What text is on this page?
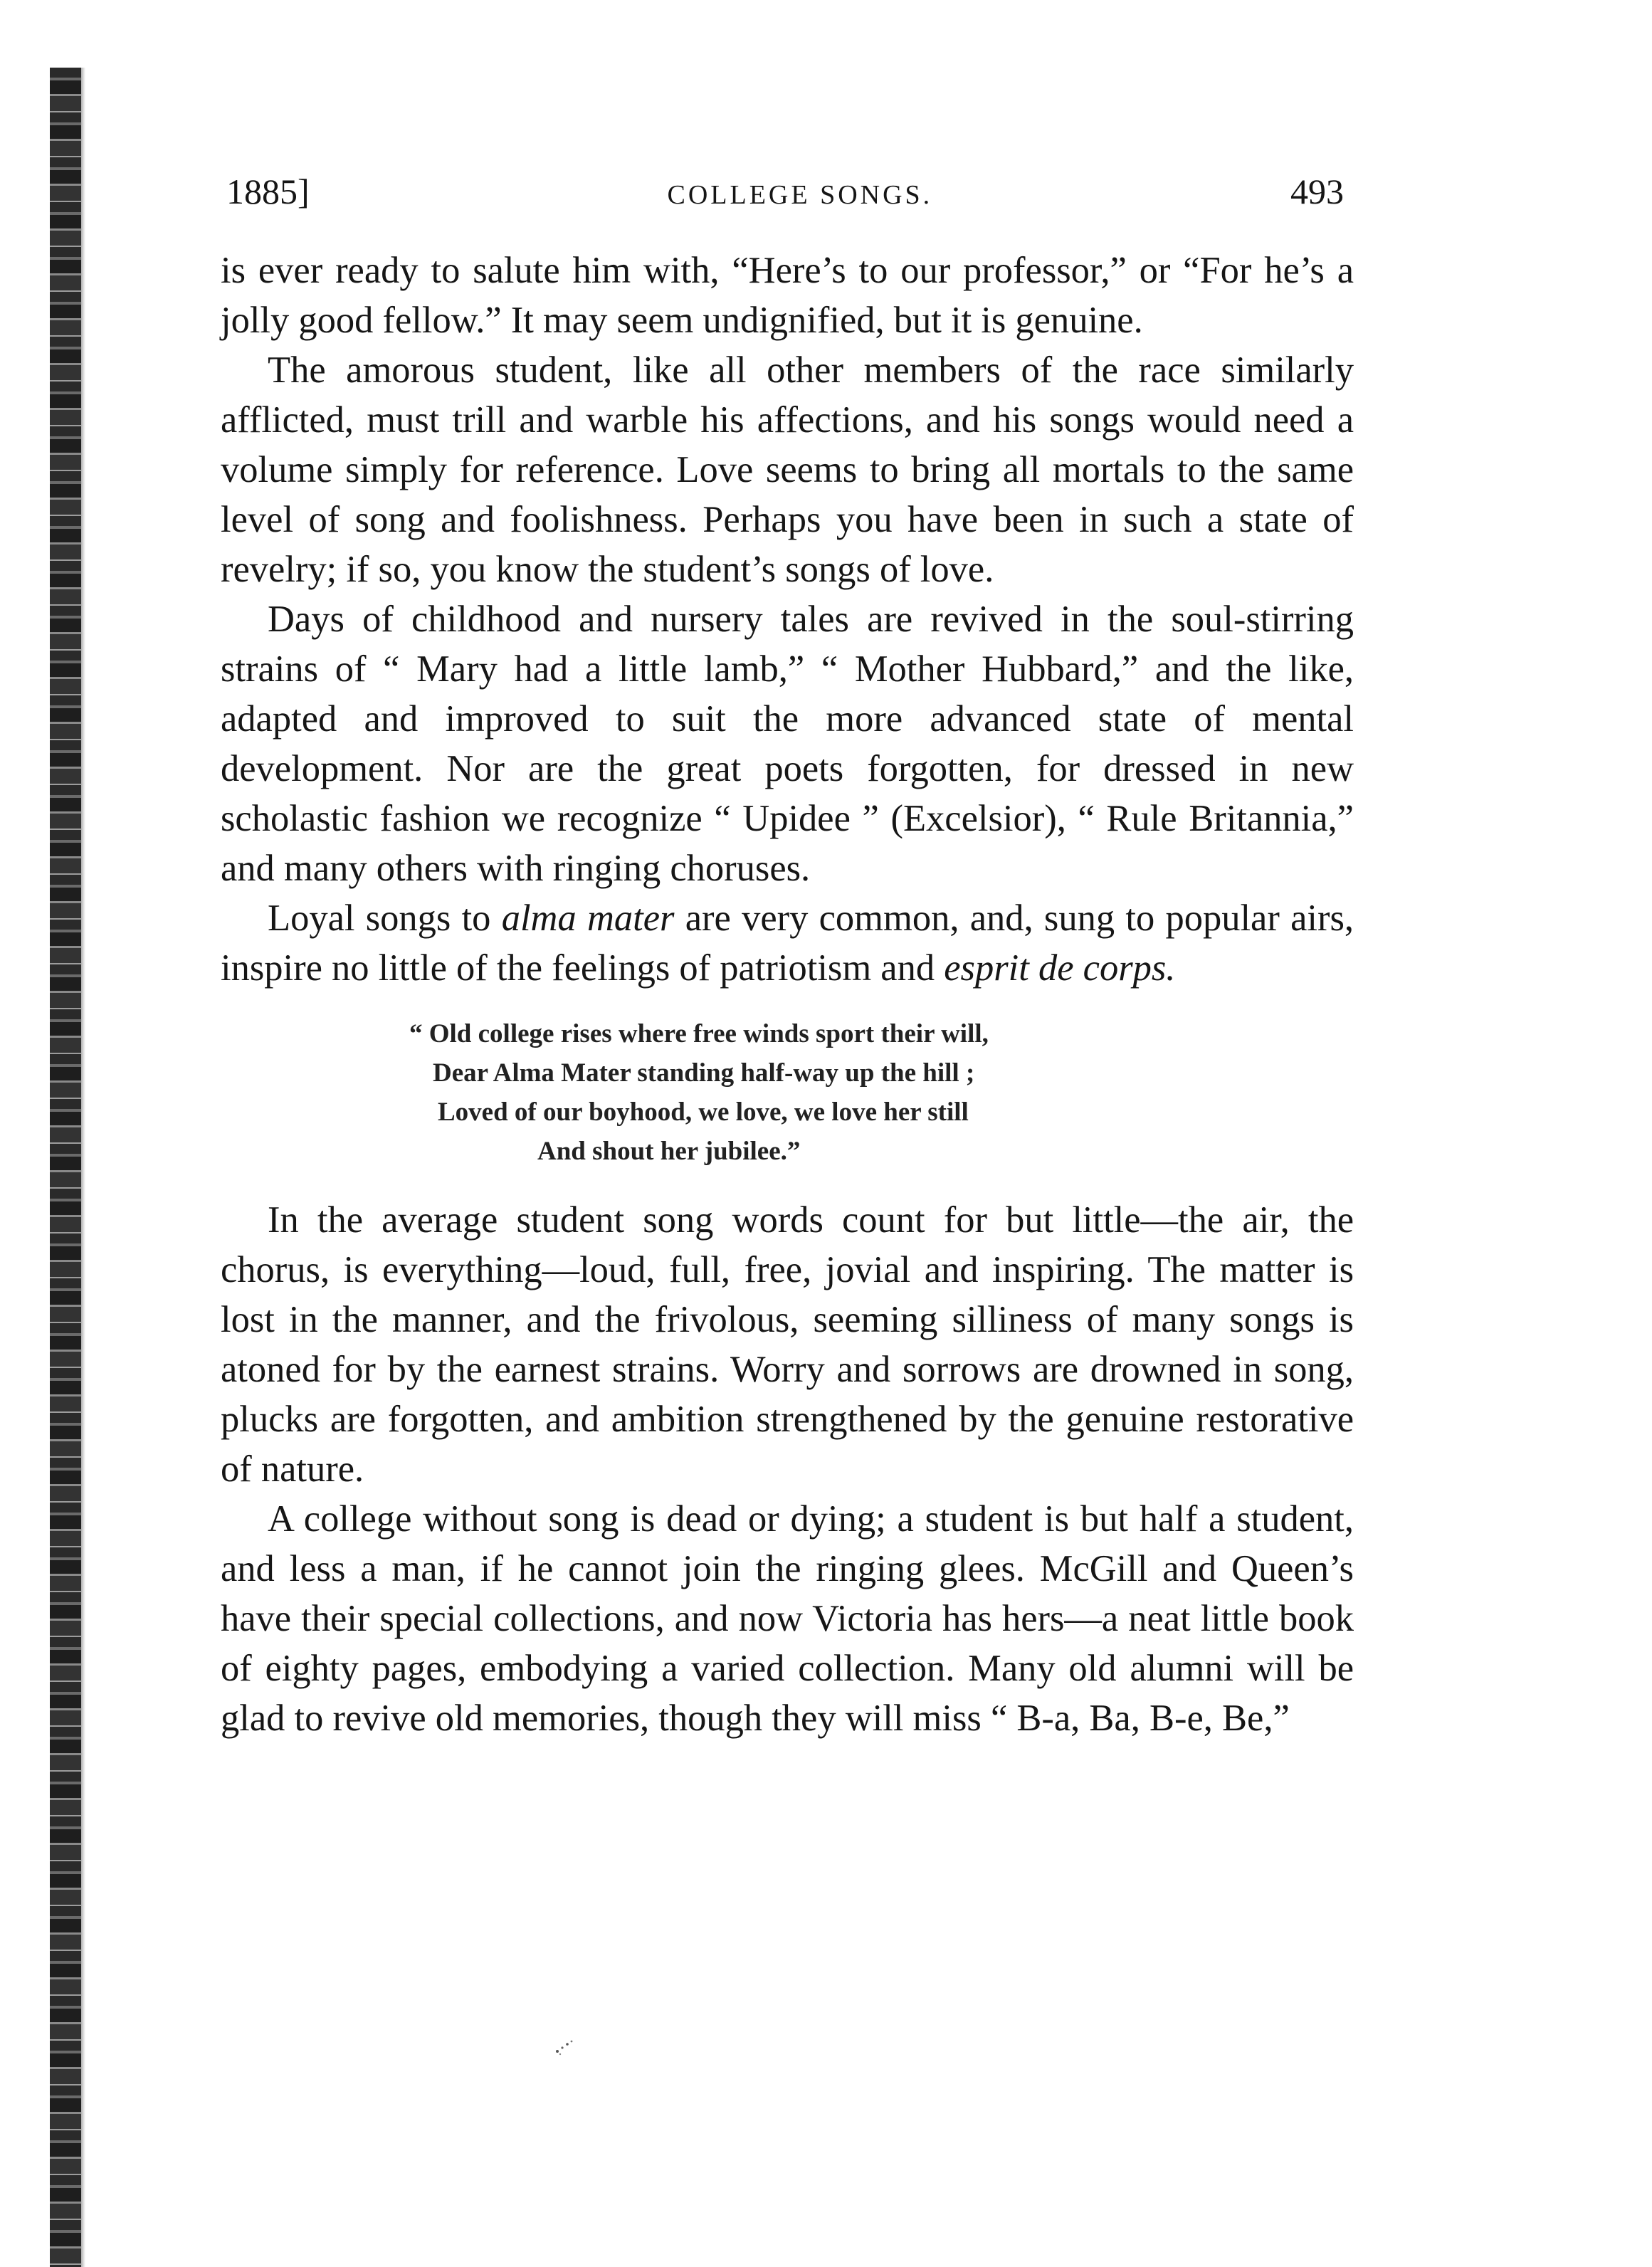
1885]	COLLEGE SONGS.	493

is ever ready to salute him with, “Here’s to our professor,” or “For he’s a jolly good fellow.” It may seem undignified, but it is genuine.

The amorous student, like all other members of the race similarly afflicted, must trill and warble his affections, and his songs would need a volume simply for reference. Love seems to bring all mortals to the same level of song and foolishness. Perhaps you have been in such a state of revelry; if so, you know the student’s songs of love.

Days of childhood and nursery tales are revived in the soul-stirring strains of “ Mary had a little lamb,” “ Mother Hubbard,” and the like, adapted and improved to suit the more advanced state of mental development. Nor are the great poets forgotten, for dressed in new scholastic fashion we recognize “ Upidee ” (Excelsior), “ Rule Britannia,” and many others with ringing choruses.

Loyal songs to alma mater are very common, and, sung to popular airs, inspire no little of the feelings of patriotism and esprit de corps.

“ Old college rises where free winds sport their will,
Dear Alma Mater standing half-way up the hill ;
Loved of our boyhood, we love, we love her still
And shout her jubilee.”

In the average student song words count for but little—the air, the chorus, is everything—loud, full, free, jovial and inspiring. The matter is lost in the manner, and the frivolous, seeming silliness of many songs is atoned for by the earnest strains. Worry and sorrows are drowned in song, plucks are forgotten, and ambition strengthened by the genuine restorative of nature.

A college without song is dead or dying; a student is but half a student, and less a man, if he cannot join the ringing glees. McGill and Queen’s have their special collections, and now Victoria has hers—a neat little book of eighty pages, embodying a varied collection. Many old alumni will be glad to revive old memories, though they will miss “ B-a, Ba, B-e, Be,”
